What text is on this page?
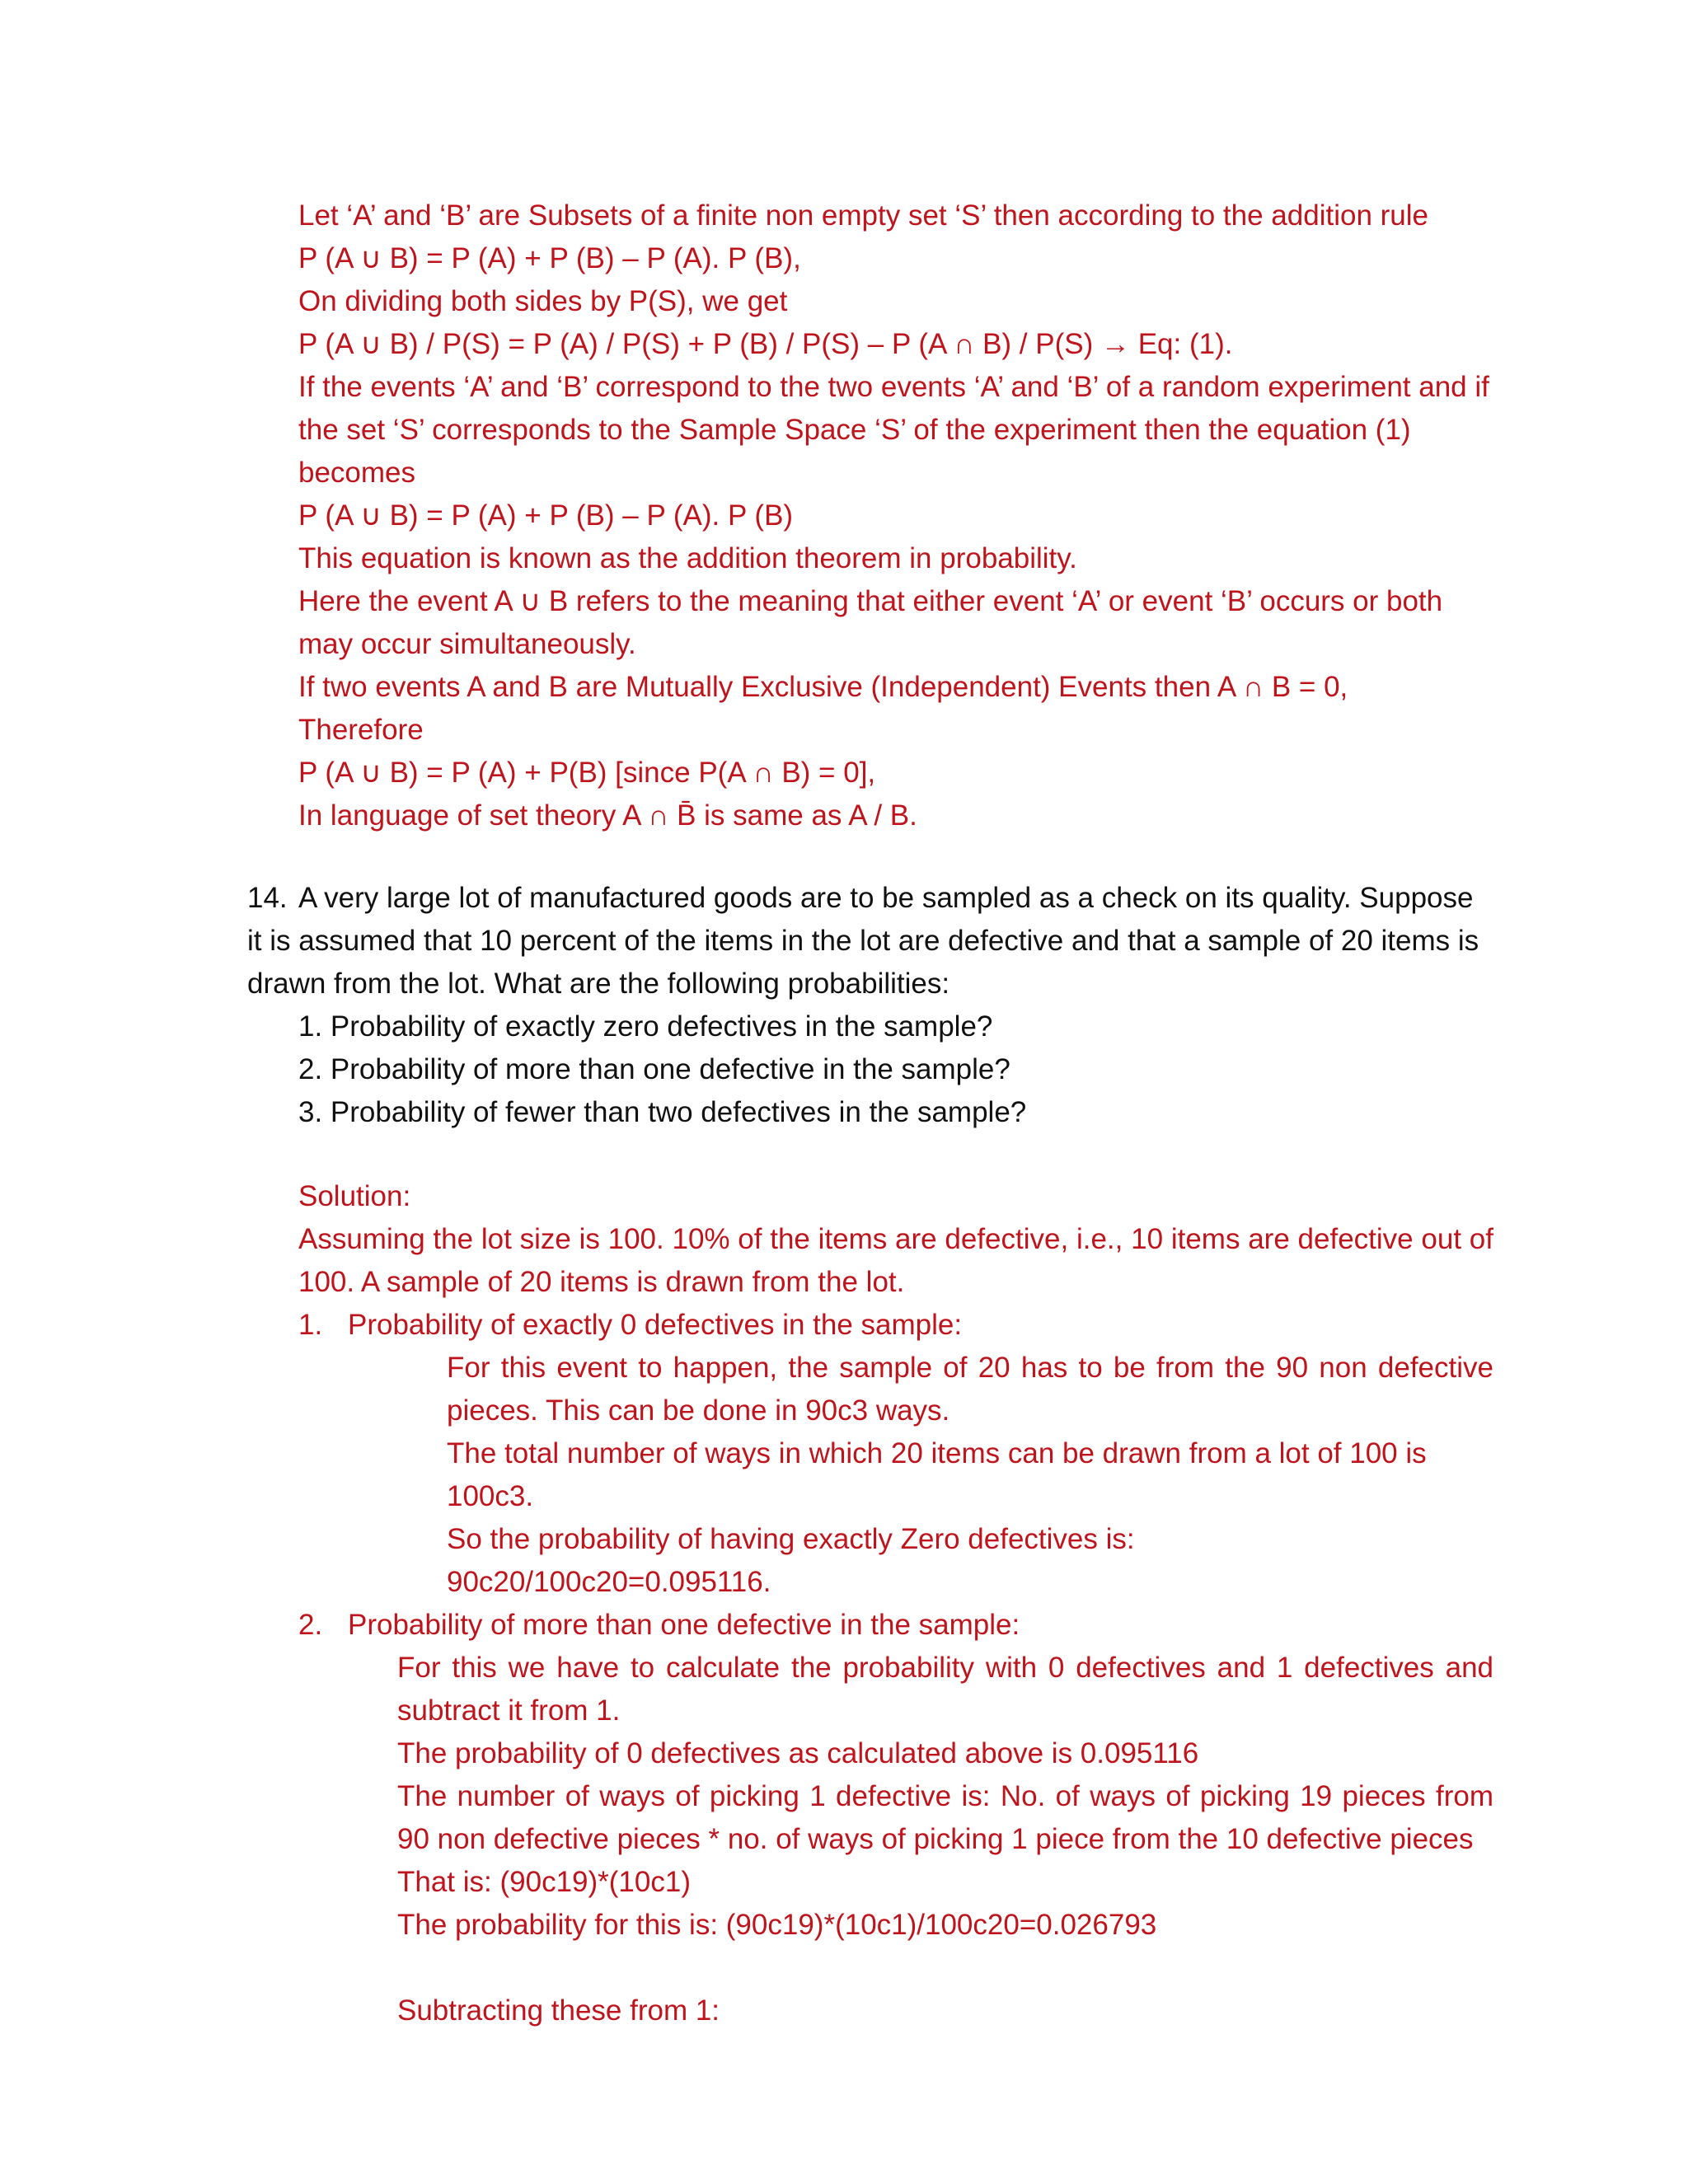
Let ‘A’ and ‘B’ are Subsets of a finite non empty set ‘S’ then according to the addition rule

P (A ∪ B) = P (A) + P (B) – P (A). P (B),

On dividing both sides by P(S), we get

P (A ∪ B) / P(S) = P (A) / P(S) + P (B) / P(S) – P (A ∩ B) / P(S) → Eq: (1).

If the events ‘A’ and ‘B’ correspond to the two events ‘A’ and ‘B’ of a random experiment and if the set ‘S’ corresponds to the Sample Space ‘S’ of the experiment then the equation (1) becomes

P (A ∪ B) = P (A) + P (B) – P (A). P (B)

This equation is known as the addition theorem in probability.

Here the event A ∪ B refers to the meaning that either event ‘A’ or event ‘B’ occurs or both may occur simultaneously.

If two events A and B are Mutually Exclusive (Independent) Events then A ∩ B = 0,

Therefore

P (A ∪ B) = P (A) + P(B) [since P(A ∩ B) = 0],

In language of set theory A ∩ B̄ is same as A / B.

14. A very large lot of manufactured goods are to be sampled as a check on its quality. Suppose it is assumed that 10 percent of the items in the lot are defective and that a sample of 20 items is drawn from the lot. What are the following probabilities:

1. Probability of exactly zero defectives in the sample?

2. Probability of more than one defective in the sample?

3. Probability of fewer than two defectives in the sample?

Solution:

Assuming the lot size is 100. 10% of the items are defective, i.e., 10 items are defective out of 100. A sample of 20 items is drawn from the lot.

1. Probability of exactly 0 defectives in the sample:

For this event to happen, the sample of 20 has to be from the 90 non defective pieces. This can be done in 90c3 ways.

The total number of ways in which 20 items can be drawn from a lot of 100 is 100c3.

So the probability of having exactly Zero defectives is:

90c20/100c20=0.095116.

2. Probability of more than one defective in the sample:

For this we have to calculate the probability with 0 defectives and 1 defectives and subtract it from 1.

The probability of 0 defectives as calculated above is 0.095116

The number of ways of picking 1 defective is: No. of ways of picking 19 pieces from 90 non defective pieces * no. of ways of picking 1 piece from the 10 defective pieces

That is: (90c19)*(10c1)

The probability for this is: (90c19)*(10c1)/100c20=0.026793

Subtracting these from 1:
